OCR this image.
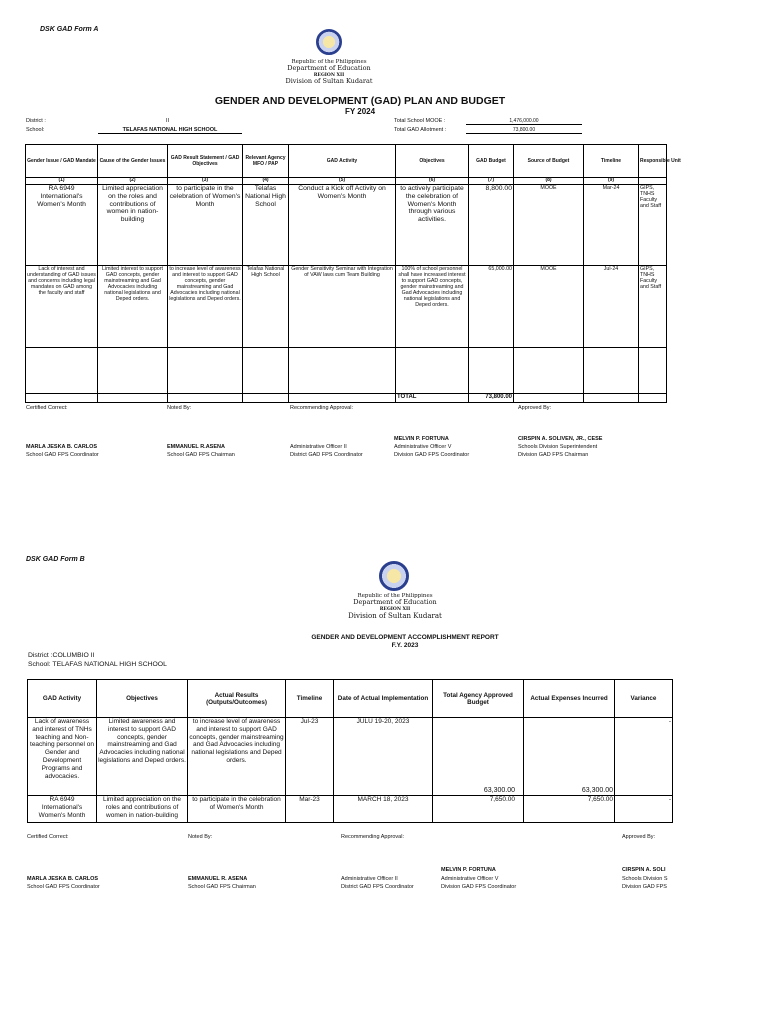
DSK GAD Form A
Republic of the Philippines
Department of Education
REGION XII
Division of Sultan Kudarat
GENDER AND DEVELOPMENT (GAD) PLAN AND BUDGET
FY 2024
District :	II
School:	TELAFAS NATIONAL HIGH SCHOOL
Total School MOOE :	1,476,000.00
Total GAD Allotment :	73,800.00
Gender Issue / GAD Mandate	Cause of the Gender Issues	GAD Result Statement / GAD Objectives	Relevant Agency MFO / PAP	GAD Activity	Objectives	GAD Budget	Source of Budget	Timeline	Responsible Unit
(1)	(2)	(3)	(4)	(5)	(6)	(7)	(8)	(9)	
RA 6949 International's Women's Month	Limited appreciation on the roles and contributions of women in nation-building	to participate in the celebration of Women's Month	Telafas National High School	Conduct a Kick off Activity on Women's Month	to actively participate the celebration of Women's Month through various activities.	8,800.00	MOOE	Mar-24	GIPS, TNHS Faculty and Staff
Lack of interest and understanding of GAD issues and concerns including legal mandates on GAD among the faculty and staff	Limited interest to support GAD concepts, gender mainstreaming and Gad Advocacies including national legislations and Deped orders.	to increase level of awareness and interest to support GAD concepts, gender mainstreaming and Gad Advocacies including national legislations and Deped orders.	Telafas National High School	Gender Sensitivity Seminar with Integration of VAW laws cum Team Building	100% of school personnel shall have increased interest to support GAD concepts, gender mainstreaming and Gad Advocacies including national legislations and Deped orders.	65,000.00	MOOE	Jul-24	GIPS, TNHS Faculty and Staff

					TOTAL	73,800.00			
Certified Correct:	Noted By:	Recommending Approval:	Approved By:
MELVIN P. FORTUNA	CIRSPIN A. SOLIVEN, JR., CESE
MARLA JESKA B. CARLOS	EMMANUEL R.ASENA	Administrative Officer II	Administrative Officer V	Schools Division Superintendent
School GAD FPS Coordinator	School GAD FPS Chairman	District GAD FPS Coordinator	Division GAD FPS Coordinator	Division GAD FPS Chairman
DSK GAD Form B
Republic of the Philippines
Department of Education
REGION XII
Division of Sultan Kudarat
GENDER AND DEVELOPMENT ACCOMPLISHMENT REPORT
F.Y. 2023
District :COLUMBIO II
School: TELAFAS NATIONAL HIGH SCHOOL
GAD Activity	Objectives	Actual Results (Outputs/Outcomes)	Timeline	Date of Actual Implementation	Total Agency Approved Budget	Actual Expenses Incurred	Variance
Lack of awareness and interest of TNHs teaching and Non-teaching personnel on Gender and Development Programs and advocacies.	Limited awareness and interest to support GAD concepts, gender mainstreaming and Gad Advocacies including national legislations and Deped orders.	to increase level of awareness and interest to support GAD concepts, gender mainstreaming and Gad Advocacies including national legislations and Deped orders.	Jul-23	JULU 19-20, 2023	63,300.00	63,300.00	-
RA 6949 International's Women's Month	Limited appreciation on the roles and contributions of women in nation-building	to participate in the celebration of Women's Month	Mar-23	MARCH 18, 2023	7,650.00	7,650.00	-
Certified Correct:	Noted By:	Recommending Approval:	Approved By:
MELVIN P. FORTUNA	CIRSPIN A. SOLI
MARLA JESKA B. CARLOS	EMMANUEL R. ASENA	Administrative Officer II	Administrative Officer V	Schools Division S
School GAD FPS Coordinator	School GAD FPS Chairman	District GAD FPS Coordinator	Division GAD FPS Coordinator	Division GAD FPS
